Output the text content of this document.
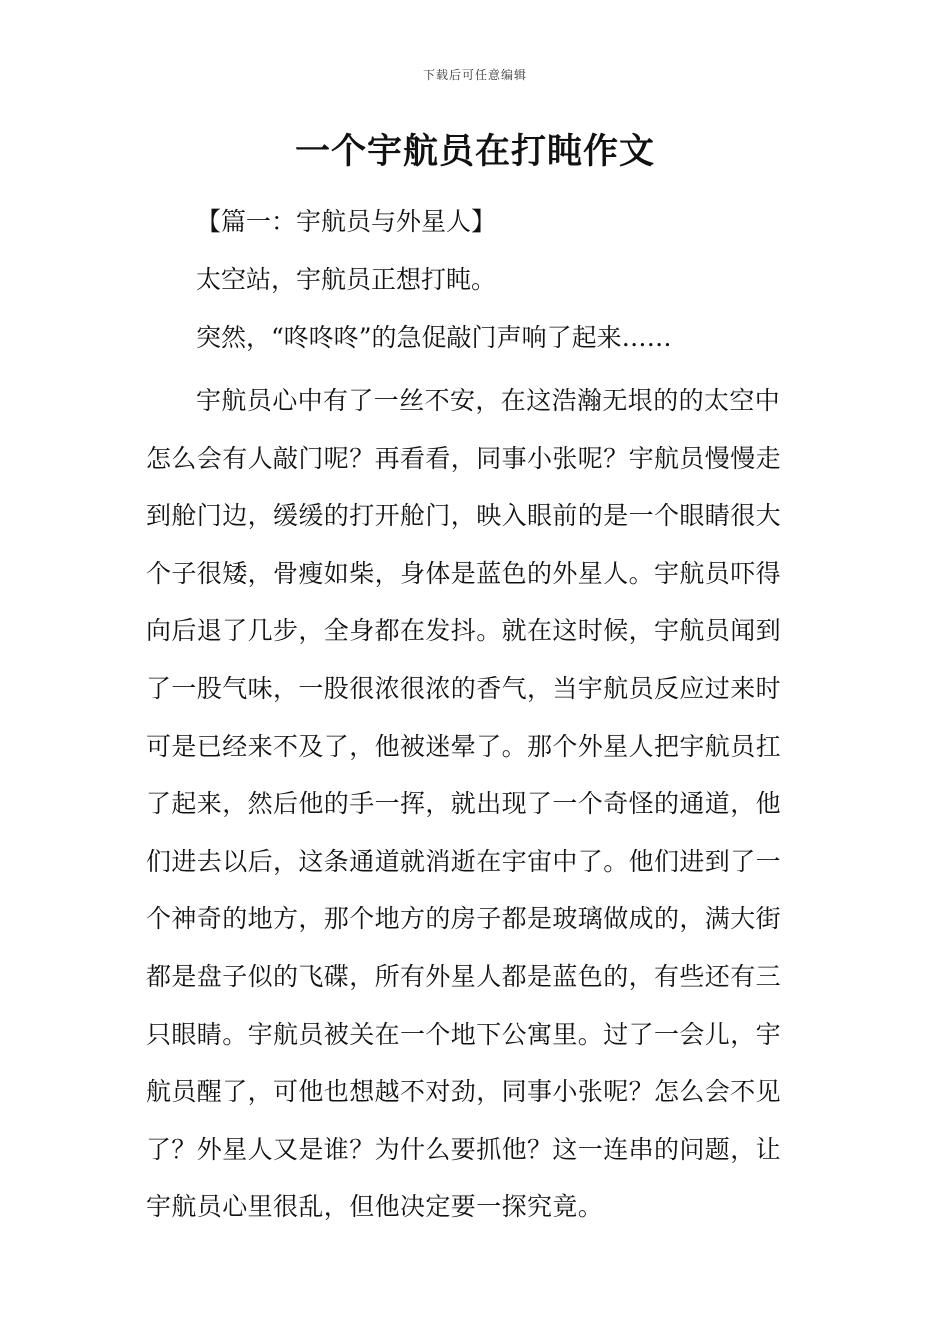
下载后可任意编辑
一个宇航员在打盹作文

【篇一：宇航员与外星人】

太空站，宇航员正想打盹。

突然，“咚咚咚”的急促敲门声响了起来……

宇航员心中有了一丝不安，在这浩瀚无垠的的太空中
怎么会有人敲门呢？再看看，同事小张呢？宇航员慢慢走
到舱门边，缓缓的打开舱门，映入眼前的是一个眼睛很大
个子很矮，骨瘦如柴，身体是蓝色的外星人。宇航员吓得
向后退了几步，全身都在发抖。就在这时候，宇航员闻到
了一股气味，一股很浓很浓的香气，当宇航员反应过来时
可是已经来不及了，他被迷晕了。那个外星人把宇航员扛
了起来，然后他的手一挥，就出现了一个奇怪的通道，他
们进去以后，这条通道就消逝在宇宙中了。他们进到了一
个神奇的地方，那个地方的房子都是玻璃做成的，满大街
都是盘子似的飞碟，所有外星人都是蓝色的，有些还有三
只眼睛。宇航员被关在一个地下公寓里。过了一会儿，宇
航员醒了，可他也想越不对劲，同事小张呢？怎么会不见
了？外星人又是谁？为什么要抓他？这一连串的问题，让
宇航员心里很乱，但他决定要一探究竟。
